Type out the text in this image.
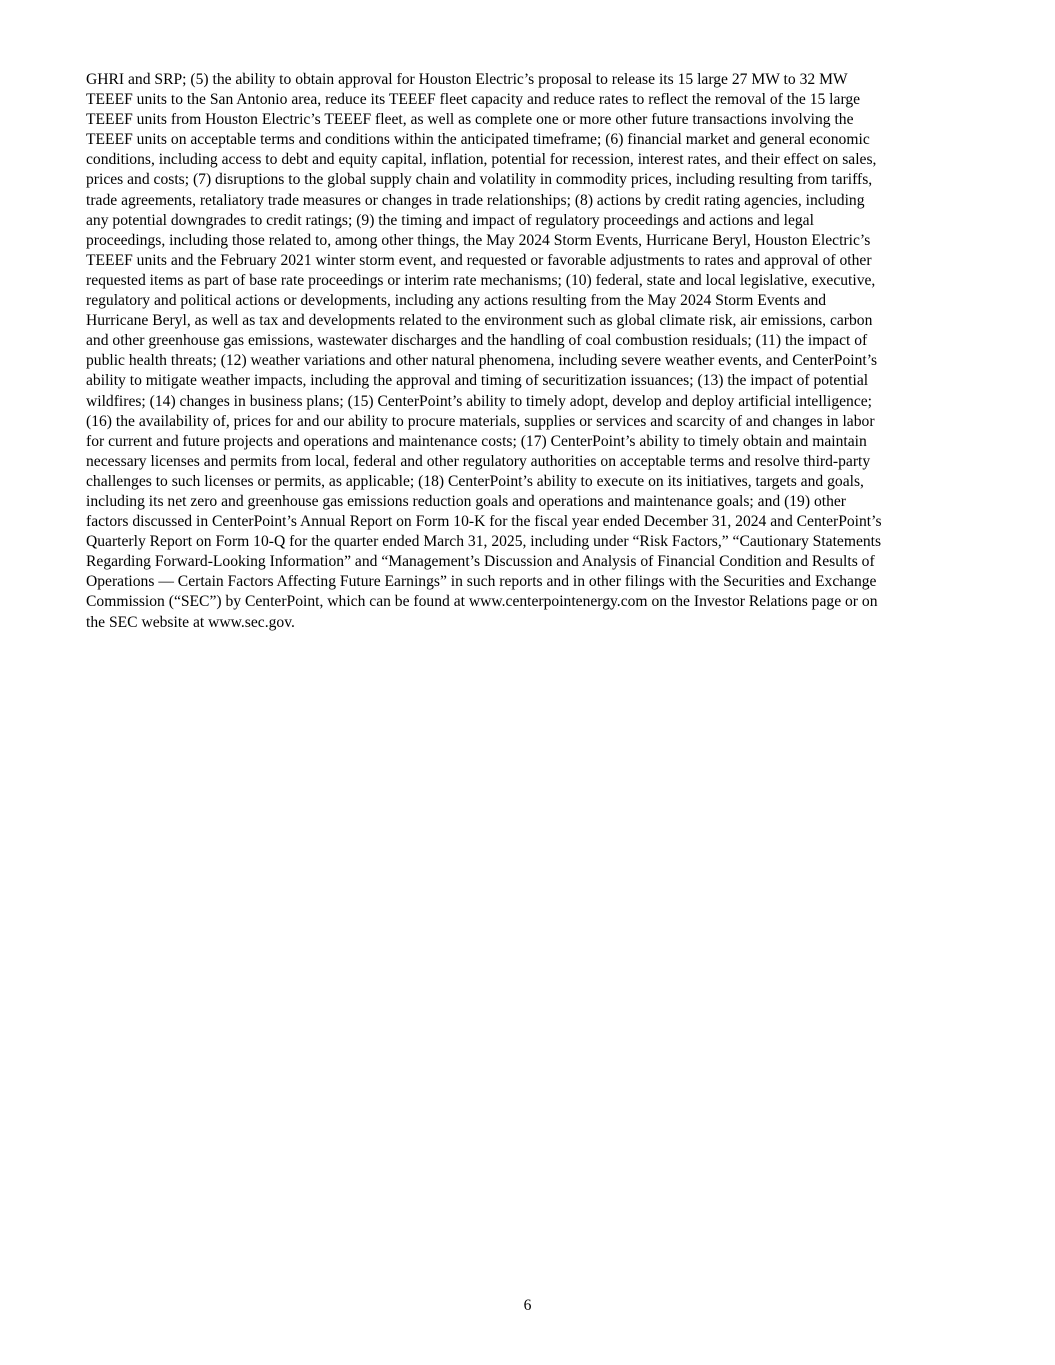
GHRI and SRP; (5) the ability to obtain approval for Houston Electric’s proposal to release its 15 large 27 MW to 32 MW
TEEEF units to the San Antonio area, reduce its TEEEF fleet capacity and reduce rates to reflect the removal of the 15 large
TEEEF units from Houston Electric’s TEEEF fleet, as well as complete one or more other future transactions involving the
TEEEF units on acceptable terms and conditions within the anticipated timeframe; (6) financial market and general economic
conditions, including access to debt and equity capital, inflation, potential for recession, interest rates, and their effect on sales,
prices and costs; (7) disruptions to the global supply chain and volatility in commodity prices, including resulting from tariffs,
trade agreements, retaliatory trade measures or changes in trade relationships; (8) actions by credit rating agencies, including
any potential downgrades to credit ratings; (9) the timing and impact of regulatory proceedings and actions and legal
proceedings, including those related to, among other things, the May 2024 Storm Events, Hurricane Beryl, Houston Electric’s
TEEEF units and the February 2021 winter storm event, and requested or favorable adjustments to rates and approval of other
requested items as part of base rate proceedings or interim rate mechanisms; (10) federal, state and local legislative, executive,
regulatory and political actions or developments, including any actions resulting from the May 2024 Storm Events and
Hurricane Beryl, as well as tax and developments related to the environment such as global climate risk, air emissions, carbon
and other greenhouse gas emissions, wastewater discharges and the handling of coal combustion residuals; (11) the impact of
public health threats; (12) weather variations and other natural phenomena, including severe weather events, and CenterPoint’s
ability to mitigate weather impacts, including the approval and timing of securitization issuances; (13) the impact of potential
wildfires; (14) changes in business plans; (15) CenterPoint’s ability to timely adopt, develop and deploy artificial intelligence;
(16) the availability of, prices for and our ability to procure materials, supplies or services and scarcity of and changes in labor
for current and future projects and operations and maintenance costs; (17) CenterPoint’s ability to timely obtain and maintain
necessary licenses and permits from local, federal and other regulatory authorities on acceptable terms and resolve third-party
challenges to such licenses or permits, as applicable; (18) CenterPoint’s ability to execute on its initiatives, targets and goals,
including its net zero and greenhouse gas emissions reduction goals and operations and maintenance goals; and (19) other
factors discussed in CenterPoint’s Annual Report on Form 10-K for the fiscal year ended December 31, 2024 and CenterPoint’s
Quarterly Report on Form 10-Q for the quarter ended March 31, 2025, including under “Risk Factors,” “Cautionary Statements
Regarding Forward-Looking Information” and “Management’s Discussion and Analysis of Financial Condition and Results of
Operations — Certain Factors Affecting Future Earnings” in such reports and in other filings with the Securities and Exchange
Commission (“SEC”) by CenterPoint, which can be found at www.centerpointenergy.com on the Investor Relations page or on
the SEC website at www.sec.gov.

6
